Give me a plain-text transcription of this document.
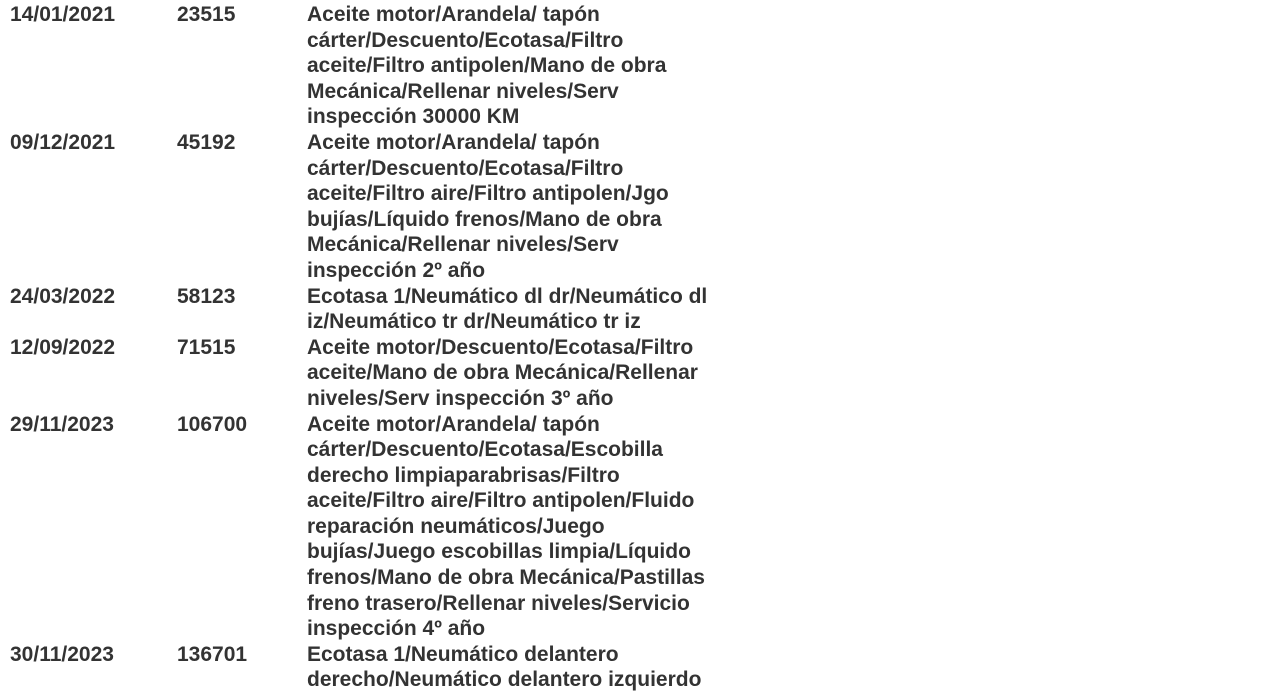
14/01/2021	23515	Aceite motor/Arandela/ tapón
cárter/Descuento/Ecotasa/Filtro
aceite/Filtro antipolen/Mano de obra
Mecánica/Rellenar niveles/Serv
inspección 30000 KM
09/12/2021	45192	Aceite motor/Arandela/ tapón
cárter/Descuento/Ecotasa/Filtro
aceite/Filtro aire/Filtro antipolen/Jgo
bujías/Líquido frenos/Mano de obra
Mecánica/Rellenar niveles/Serv
inspección 2º año
24/03/2022	58123	Ecotasa 1/Neumático dl dr/Neumático dl
iz/Neumático tr dr/Neumático tr iz
12/09/2022	71515	Aceite motor/Descuento/Ecotasa/Filtro
aceite/Mano de obra Mecánica/Rellenar
niveles/Serv inspección 3º año
29/11/2023	106700	Aceite motor/Arandela/ tapón
cárter/Descuento/Ecotasa/Escobilla
derecho limpiaparabrisas/Filtro
aceite/Filtro aire/Filtro antipolen/Fluido
reparación neumáticos/Juego
bujías/Juego escobillas limpia/Líquido
frenos/Mano de obra Mecánica/Pastillas
freno trasero/Rellenar niveles/Servicio
inspección 4º año
30/11/2023	136701	Ecotasa 1/Neumático delantero
derecho/Neumático delantero izquierdo
